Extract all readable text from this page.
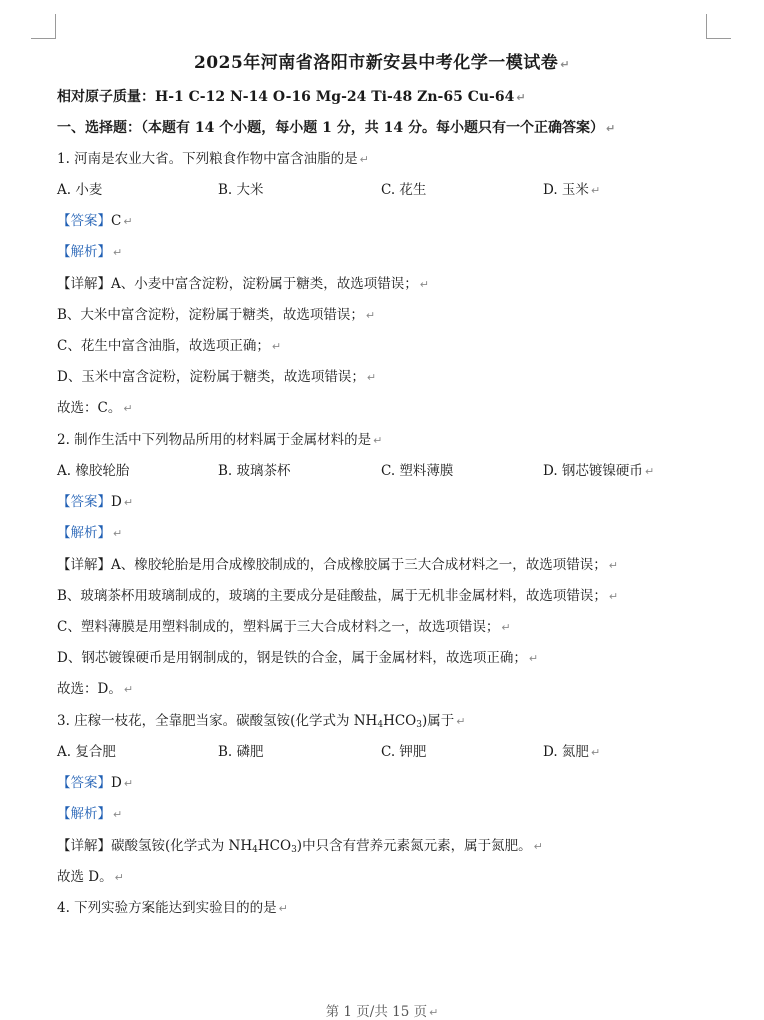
2025年河南省洛阳市新安县中考化学一模试卷 ↵
相对原子质量：H-1 C-12 N-14 O-16 Mg-24 Ti-48 Zn-65 Cu-64 ↵
一、选择题：（本题有 14 个小题，每小题 1 分，共 14 分。每小题只有一个正确答案） ↵
1. 河南是农业大省。下列粮食作物中富含油脂的是 ↵
A. 小麦	B. 大米	C. 花生	D. 玉米 ↵
【答案】C ↵
【解析】 ↵
【详解】A、小麦中富含淀粉，淀粉属于糖类，故选项错误； ↵
B、大米中富含淀粉，淀粉属于糖类，故选项错误； ↵
C、花生中富含油脂，故选项正确； ↵
D、玉米中富含淀粉，淀粉属于糖类，故选项错误； ↵
故选：C。 ↵
2. 制作生活中下列物品所用的材料属于金属材料的是 ↵
A. 橡胶轮胎	B. 玻璃茶杯	C. 塑料薄膜	D. 钢芯镀镍硬币 ↵
【答案】D ↵
【解析】 ↵
【详解】A、橡胶轮胎是用合成橡胶制成的，合成橡胶属于三大合成材料之一，故选项错误； ↵
B、玻璃茶杯用玻璃制成的，玻璃的主要成分是硅酸盐，属于无机非金属材料，故选项错误； ↵
C、塑料薄膜是用塑料制成的，塑料属于三大合成材料之一，故选项错误； ↵
D、钢芯镀镍硬币是用钢制成的，钢是铁的合金，属于金属材料，故选项正确； ↵
故选：D。 ↵
3. 庄稼一枝花，全靠肥当家。碳酸氢铵(化学式为 $NH_4HCO_3$)属于 ↵
A. 复合肥	B. 磷肥	C. 钾肥	D. 氮肥 ↵
【答案】D ↵
【解析】 ↵
【详解】碳酸氢铵(化学式为 $NH_4HCO_3$)中只含有营养元素氮元素，属于氮肥。 ↵
故选 D。 ↵
4. 下列实验方案能达到实验目的的是 ↵
第 1 页/共 15 页 ↵
